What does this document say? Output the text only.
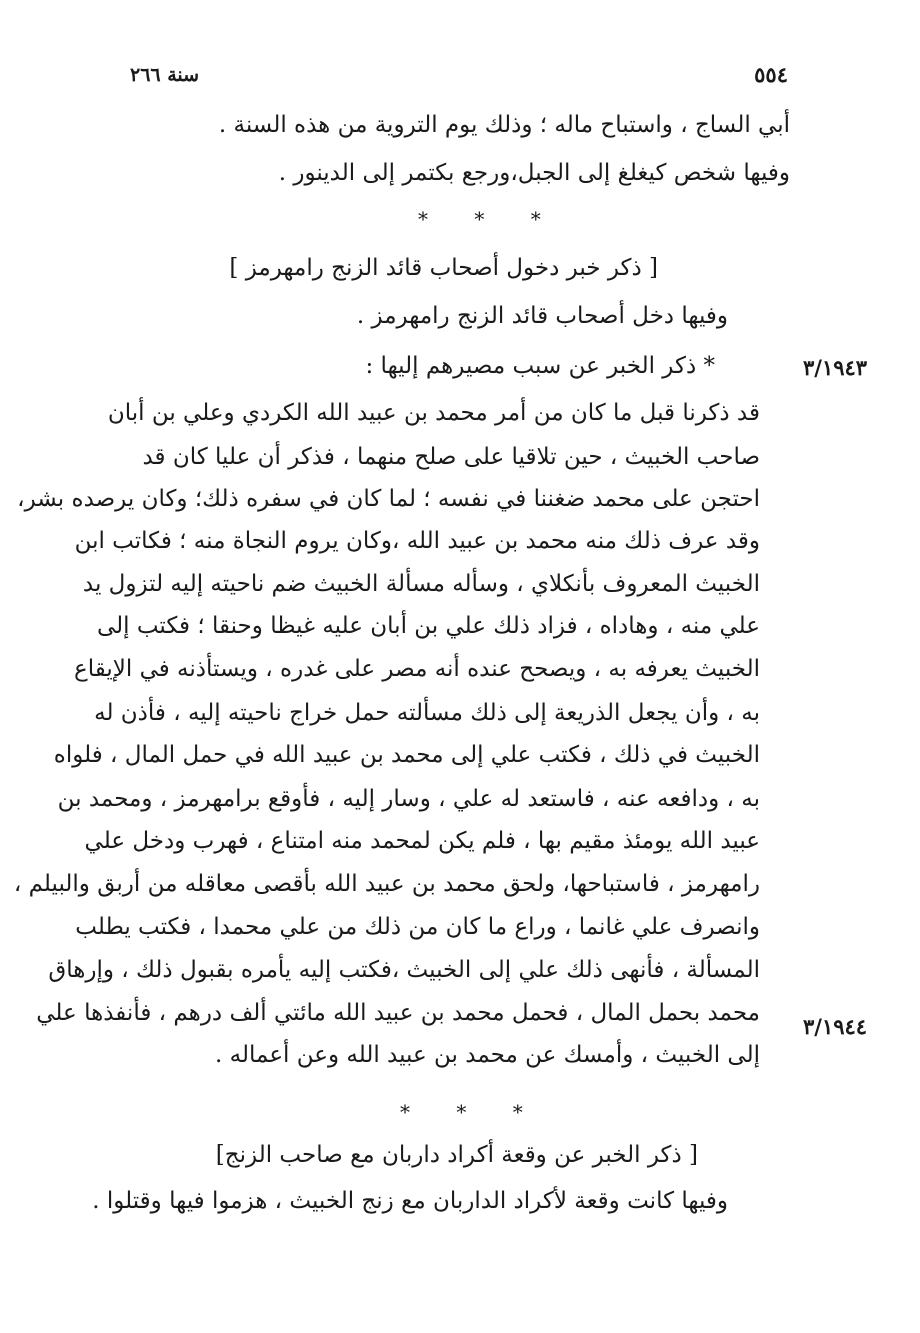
٥٥٤
سنة ٢٦٦
أبي الساج ، واستباح ماله ؛ وذلك يوم التروية من هذه السنة .
وفيها شخص كيغلغ إلى الجبل،ورجع بكتمر إلى الدينور .
* * *
[ ذكر خبر دخول أصحاب قائد الزنج رامهرمز ]
وفيها دخل أصحاب قائد الزنج رامهرمز .
* ذكر الخبر عن سبب مصيرهم إليها :	٣/١٩٤٣
قد ذكرنا قبل ما كان من أمر محمد بن عبيد الله الكردي وعلي بن أبان
صاحب الخبيث ، حين تلاقيا على صلح منهما ، فذكر أن عليا كان قد
احتجن على محمد ضغننا في نفسه ؛ لما كان في سفره ذلك؛ وكان يرصده بشر،
وقد عرف ذلك منه محمد بن عبيد الله ،وكان يروم النجاة منه ؛ فكاتب ابن
الخبيث المعروف بأنكلاي ، وسأله مسألة الخبيث ضم ناحيته إليه لتزول يد
علي منه ، وهاداه ، فزاد ذلك علي بن أبان عليه غيظا وحنقا ؛ فكتب إلى
الخبيث يعرفه به ، ويصحح عنده أنه مصر على غدره ، ويستأذنه في الإيقاع
به ، وأن يجعل الذريعة إلى ذلك مسألته حمل خراج ناحيته إليه ، فأذن له
الخبيث في ذلك ، فكتب علي إلى محمد بن عبيد الله في حمل المال ، فلواه
به ، ودافعه عنه ، فاستعد له علي ، وسار إليه ، فأوقع برامهرمز ، ومحمد بن
عبيد الله يومئذ مقيم بها ، فلم يكن لمحمد منه امتناع ، فهرب ودخل علي
رامهرمز ، فاستباحها، ولحق محمد بن عبيد الله بأقصى معاقله من أربق والبيلم ،
وانصرف علي غانما ، وراع ما كان من ذلك من علي محمدا ، فكتب يطلب
المسألة ، فأنهى ذلك علي إلى الخبيث ،فكتب إليه يأمره بقبول ذلك ، وإرهاق
محمد بحمل المال ، فحمل محمد بن عبيد الله مائتي ألف درهم ، فأنفذها علي
إلى الخبيث ، وأمسك عن محمد بن عبيد الله وعن أعماله .
٣/١٩٤٤
* * *
[ ذكر الخبر عن وقعة أكراد داربان مع صاحب الزنج]
وفيها كانت وقعة لأكراد الداربان مع زنج الخبيث ، هزموا فيها وقتلوا .
